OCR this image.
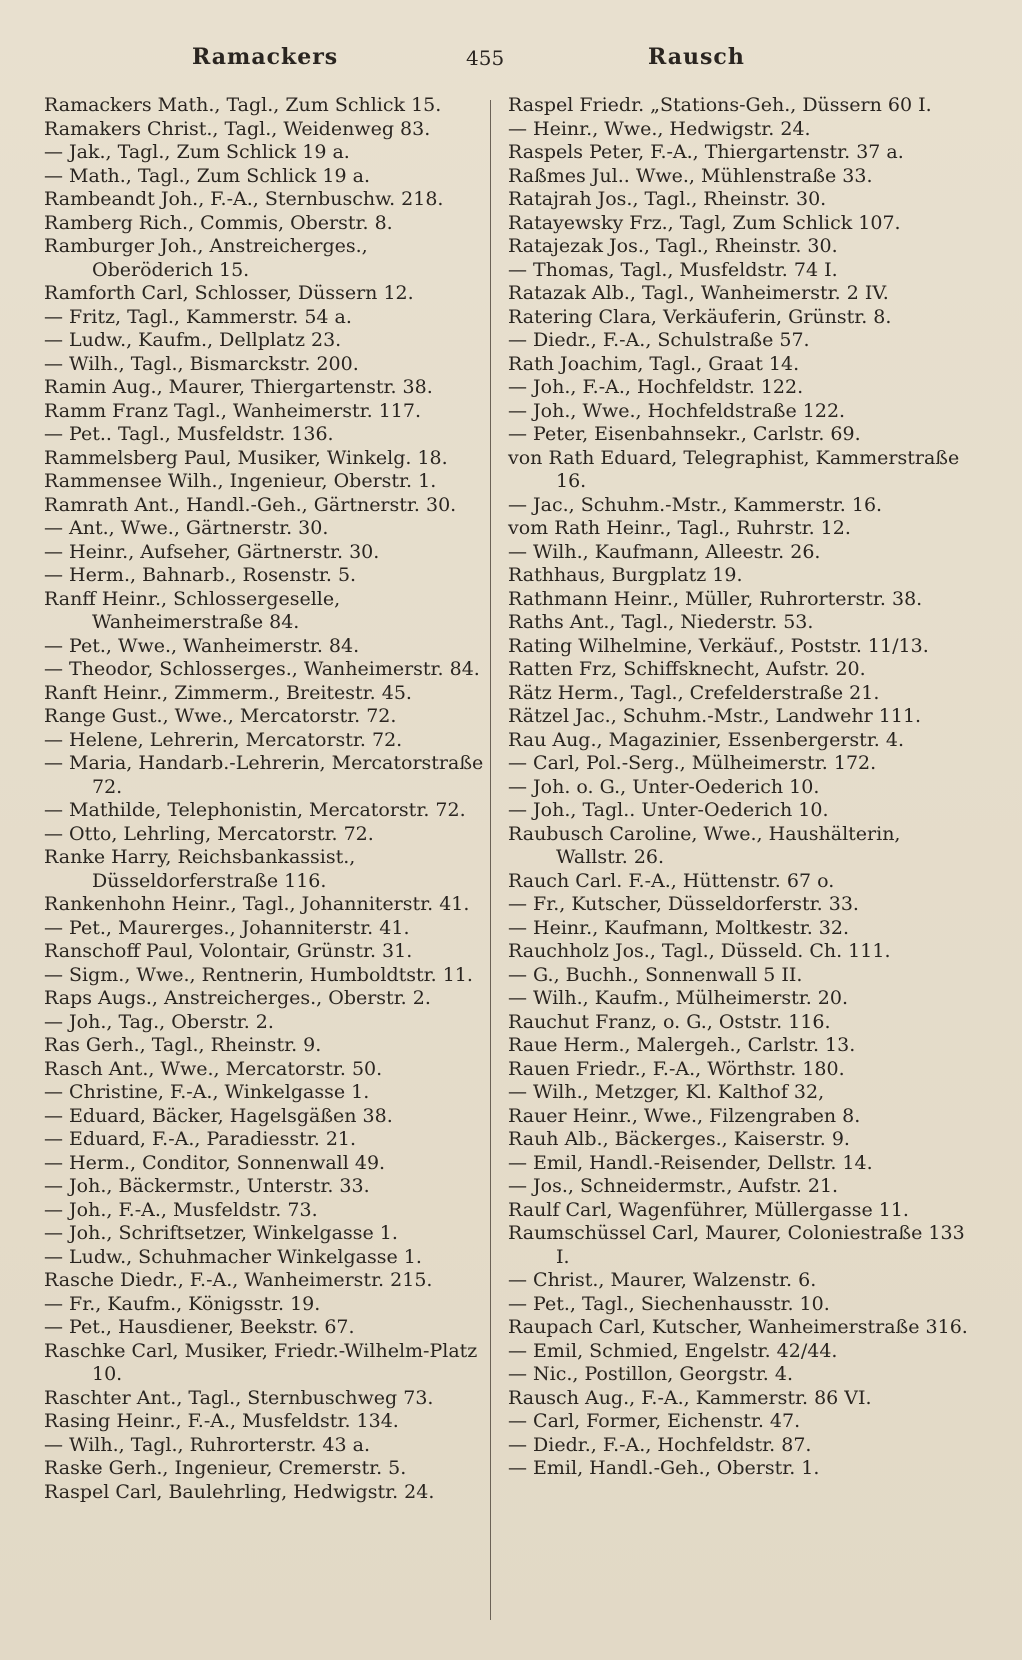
Ramackers	455	Rausch
Ramackers Math., Tagl., Zum Schlick 15.
Ramakers Christ., Tagl., Weidenweg 83.
— Jak., Tagl., Zum Schlick 19 a.
— Math., Tagl., Zum Schlick 19 a.
Rambeandt Joh., F.-A., Sternbuschw. 218.
Ramberg Rich., Commis, Oberstr. 8.
Ramburger Joh., Anstreicherges., Oberöderich 15.
Ramforth Carl, Schlosser, Düssern 12.
— Fritz, Tagl., Kammerstr. 54 a.
— Ludw., Kaufm., Dellplatz 23.
— Wilh., Tagl., Bismarckstr. 200.
Ramin Aug., Maurer, Thiergartenstr. 38.
Ramm Franz Tagl., Wanheimerstr. 117.
— Pet.. Tagl., Musfeldstr. 136.
Rammelsberg Paul, Musiker, Winkelg. 18.
Rammensee Wilh., Ingenieur, Oberstr. 1.
Ramrath Ant., Handl.-Geh., Gärtnerstr. 30.
— Ant., Wwe., Gärtnerstr. 30.
— Heinr., Aufseher, Gärtnerstr. 30.
— Herm., Bahnarb., Rosenstr. 5.
Ranff Heinr., Schlossergeselle, Wanheimerstraße 84.
— Pet., Wwe., Wanheimerstr. 84.
— Theodor, Schlosserges., Wanheimerstr. 84.
Ranft Heinr., Zimmerm., Breitestr. 45.
Range Gust., Wwe., Mercatorstr. 72.
— Helene, Lehrerin, Mercatorstr. 72.
— Maria, Handarb.-Lehrerin, Mercatorstraße 72.
— Mathilde, Telephonistin, Mercatorstr. 72.
— Otto, Lehrling, Mercatorstr. 72.
Ranke Harry, Reichsbankassist., Düsseldorferstraße 116.
Rankenhohn Heinr., Tagl., Johanniterstr. 41.
— Pet., Maurerges., Johanniterstr. 41.
Ranschoff Paul, Volontair, Grünstr. 31.
— Sigm., Wwe., Rentnerin, Humboldtstr. 11.
Raps Augs., Anstreicherges., Oberstr. 2.
— Joh., Tag., Oberstr. 2.
Ras Gerh., Tagl., Rheinstr. 9.
Rasch Ant., Wwe., Mercatorstr. 50.
— Christine, F.-A., Winkelgasse 1.
— Eduard, Bäcker, Hagelsgäßen 38.
— Eduard, F.-A., Paradiesstr. 21.
— Herm., Conditor, Sonnenwall 49.
— Joh., Bäckermstr., Unterstr. 33.
— Joh., F.-A., Musfeldstr. 73.
— Joh., Schriftsetzer, Winkelgasse 1.
— Ludw., Schuhmacher Winkelgasse 1.
Rasche Diedr., F.-A., Wanheimerstr. 215.
— Fr., Kaufm., Königsstr. 19.
— Pet., Hausdiener, Beekstr. 67.
Raschke Carl, Musiker, Friedr.-Wilhelm-Platz 10.
Raschter Ant., Tagl., Sternbuschweg 73.
Rasing Heinr., F.-A., Musfeldstr. 134.
— Wilh., Tagl., Ruhrorterstr. 43 a.
Raske Gerh., Ingenieur, Cremerstr. 5.
Raspel Carl, Baulehrling, Hedwigstr. 24.
Raspel Friedr. „Stations-Geh., Düssern 60 I.
— Heinr., Wwe., Hedwigstr. 24.
Raspels Peter, F.-A., Thiergartenstr. 37 a.
Raßmes Jul.. Wwe., Mühlenstraße 33.
Ratajrah Jos., Tagl., Rheinstr. 30.
Ratayewsky Frz., Tagl, Zum Schlick 107.
Ratajezak Jos., Tagl., Rheinstr. 30.
— Thomas, Tagl., Musfeldstr. 74 I.
Ratazak Alb., Tagl., Wanheimerstr. 2 IV.
Ratering Clara, Verkäuferin, Grünstr. 8.
— Diedr., F.-A., Schulstraße 57.
Rath Joachim, Tagl., Graat 14.
— Joh., F.-A., Hochfeldstr. 122.
— Joh., Wwe., Hochfeldstraße 122.
— Peter, Eisenbahnsekr., Carlstr. 69.
von Rath Eduard, Telegraphist, Kammerstraße 16.
— Jac., Schuhm.-Mstr., Kammerstr. 16.
vom Rath Heinr., Tagl., Ruhrstr. 12.
— Wilh., Kaufmann, Alleestr. 26.
Rathhaus, Burgplatz 19.
Rathmann Heinr., Müller, Ruhrorterstr. 38.
Raths Ant., Tagl., Niederstr. 53.
Rating Wilhelmine, Verkäuf., Poststr. 11/13.
Ratten Frz, Schiffsknecht, Aufstr. 20.
Rätz Herm., Tagl., Crefelderstraße 21.
Rätzel Jac., Schuhm.-Mstr., Landwehr 111.
Rau Aug., Magazinier, Essenbergerstr. 4.
— Carl, Pol.-Serg., Mülheimerstr. 172.
— Joh. o. G., Unter-Oederich 10.
— Joh., Tagl.. Unter-Oederich 10.
Raubusch Caroline, Wwe., Haushälterin, Wallstr. 26.
Rauch Carl. F.-A., Hüttenstr. 67 o.
— Fr., Kutscher, Düsseldorferstr. 33.
— Heinr., Kaufmann, Moltkestr. 32.
Rauchholz Jos., Tagl., Düsseld. Ch. 111.
— G., Buchh., Sonnenwall 5 II.
— Wilh., Kaufm., Mülheimerstr. 20.
Rauchut Franz, o. G., Oststr. 116.
Raue Herm., Malergeh., Carlstr. 13.
Rauen Friedr., F.-A., Wörthstr. 180.
— Wilh., Metzger, Kl. Kalthof 32,
Rauer Heinr., Wwe., Filzengraben 8.
Rauh Alb., Bäckerges., Kaiserstr. 9.
— Emil, Handl.-Reisender, Dellstr. 14.
— Jos., Schneidermstr., Aufstr. 21.
Raulf Carl, Wagenführer, Müllergasse 11.
Raumschüssel Carl, Maurer, Coloniestraße 133 I.
— Christ., Maurer, Walzenstr. 6.
— Pet., Tagl., Siechenhausstr. 10.
Raupach Carl, Kutscher, Wanheimerstraße 316.
— Emil, Schmied, Engelstr. 42/44.
— Nic., Postillon, Georgstr. 4.
Rausch Aug., F.-A., Kammerstr. 86 VI.
— Carl, Former, Eichenstr. 47.
— Diedr., F.-A., Hochfeldstr. 87.
— Emil, Handl.-Geh., Oberstr. 1.
